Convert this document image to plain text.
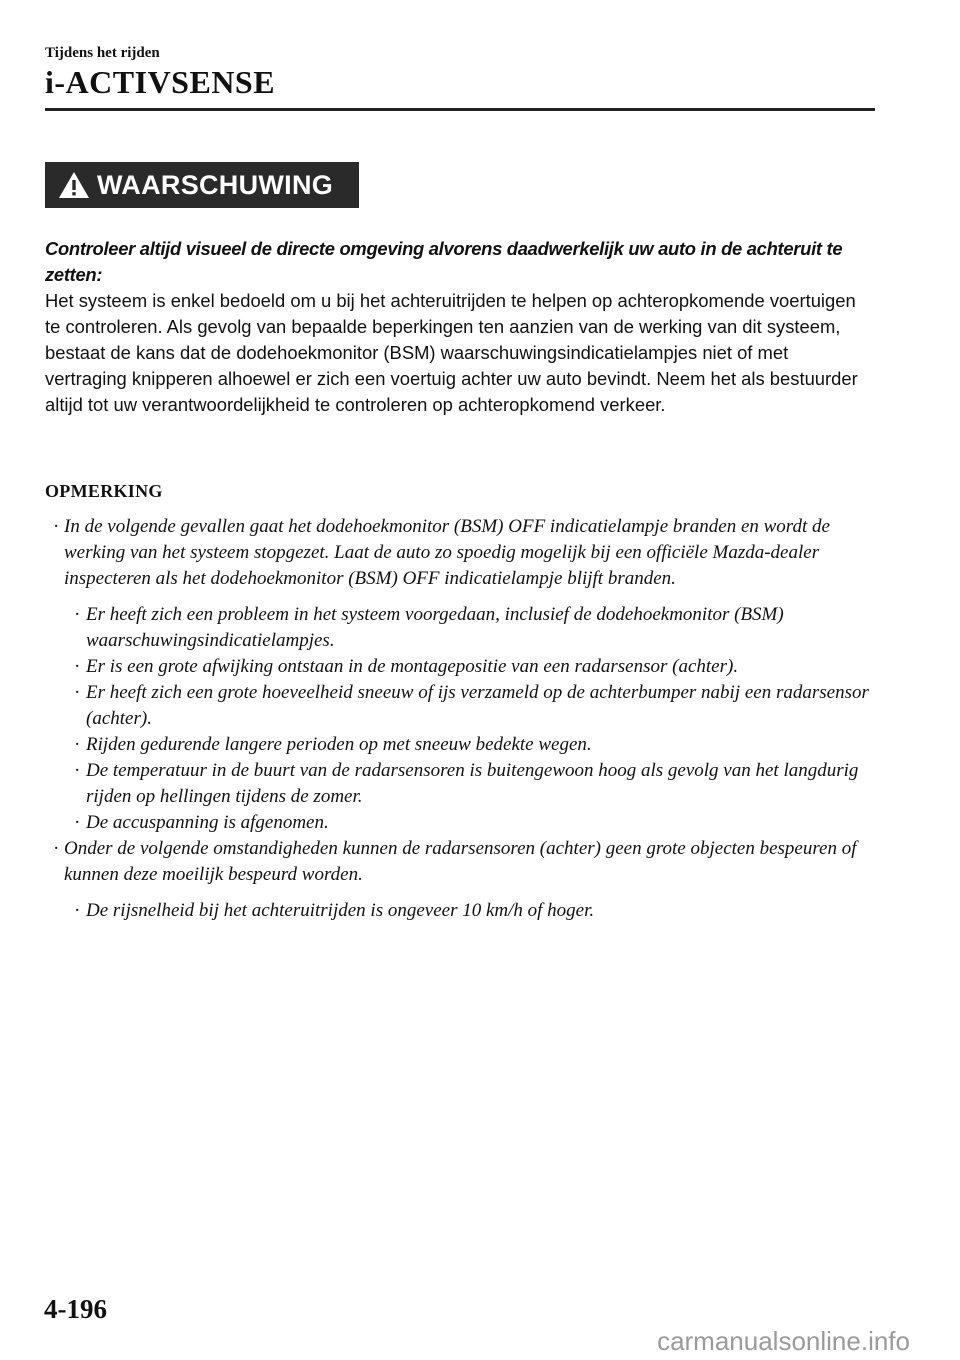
Tijdens het rijden

i-ACTIVSENSE

WAARSCHUWING

Controleer altijd visueel de directe omgeving alvorens daadwerkelijk uw auto in de achteruit te zetten:

Het systeem is enkel bedoeld om u bij het achteruitrijden te helpen op achteropkomende voertuigen te controleren. Als gevolg van bepaalde beperkingen ten aanzien van de werking van dit systeem, bestaat de kans dat de dodehoekmonitor (BSM) waarschuwingsindicatielampjes niet of met vertraging knipperen alhoewel er zich een voertuig achter uw auto bevindt. Neem het als bestuurder altijd tot uw verantwoordelijkheid te controleren op achteropkomend verkeer.

OPMERKING

· In de volgende gevallen gaat het dodehoekmonitor (BSM) OFF indicatielampje branden en wordt de werking van het systeem stopgezet. Laat de auto zo spoedig mogelijk bij een officiële Mazda-dealer inspecteren als het dodehoekmonitor (BSM) OFF indicatielampje blijft branden.

· Er heeft zich een probleem in het systeem voorgedaan, inclusief de dodehoekmonitor (BSM) waarschuwingsindicatielampjes.

· Er is een grote afwijking ontstaan in de montagepositie van een radarsensor (achter).

· Er heeft zich een grote hoeveelheid sneeuw of ijs verzameld op de achterbumper nabij een radarsensor (achter).

· Rijden gedurende langere perioden op met sneeuw bedekte wegen.

· De temperatuur in de buurt van de radarsensoren is buitengewoon hoog als gevolg van het langdurig rijden op hellingen tijdens de zomer.

· De accuspanning is afgenomen.

· Onder de volgende omstandigheden kunnen de radarsensoren (achter) geen grote objecten bespeuren of kunnen deze moeilijk bespeurd worden.

· De rijsnelheid bij het achteruitrijden is ongeveer 10 km/h of hoger.

4-196
carmanualsonline.info
